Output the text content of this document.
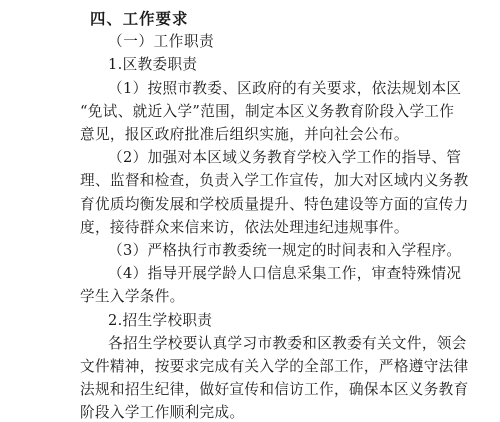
四、工作要求
（一）工作职责
1.区教委职责
（1）按照市教委、区政府的有关要求，依法规划本区
“免试、就近入学”范围，制定本区义务教育阶段入学工作
意见，报区政府批准后组织实施，并向社会公布。
（2）加强对本区域义务教育学校入学工作的指导、管
理、监督和检查，负责入学工作宣传，加大对区域内义务教
育优质均衡发展和学校质量提升、特色建设等方面的宣传力
度，接待群众来信来访，依法处理违纪违规事件。
（3）严格执行市教委统一规定的时间表和入学程序。
（4）指导开展学龄人口信息采集工作，审查特殊情况
学生入学条件。
2.招生学校职责
各招生学校要认真学习市教委和区教委有关文件，领会
文件精神，按要求完成有关入学的全部工作，严格遵守法律
法规和招生纪律，做好宣传和信访工作，确保本区义务教育
阶段入学工作顺利完成。
